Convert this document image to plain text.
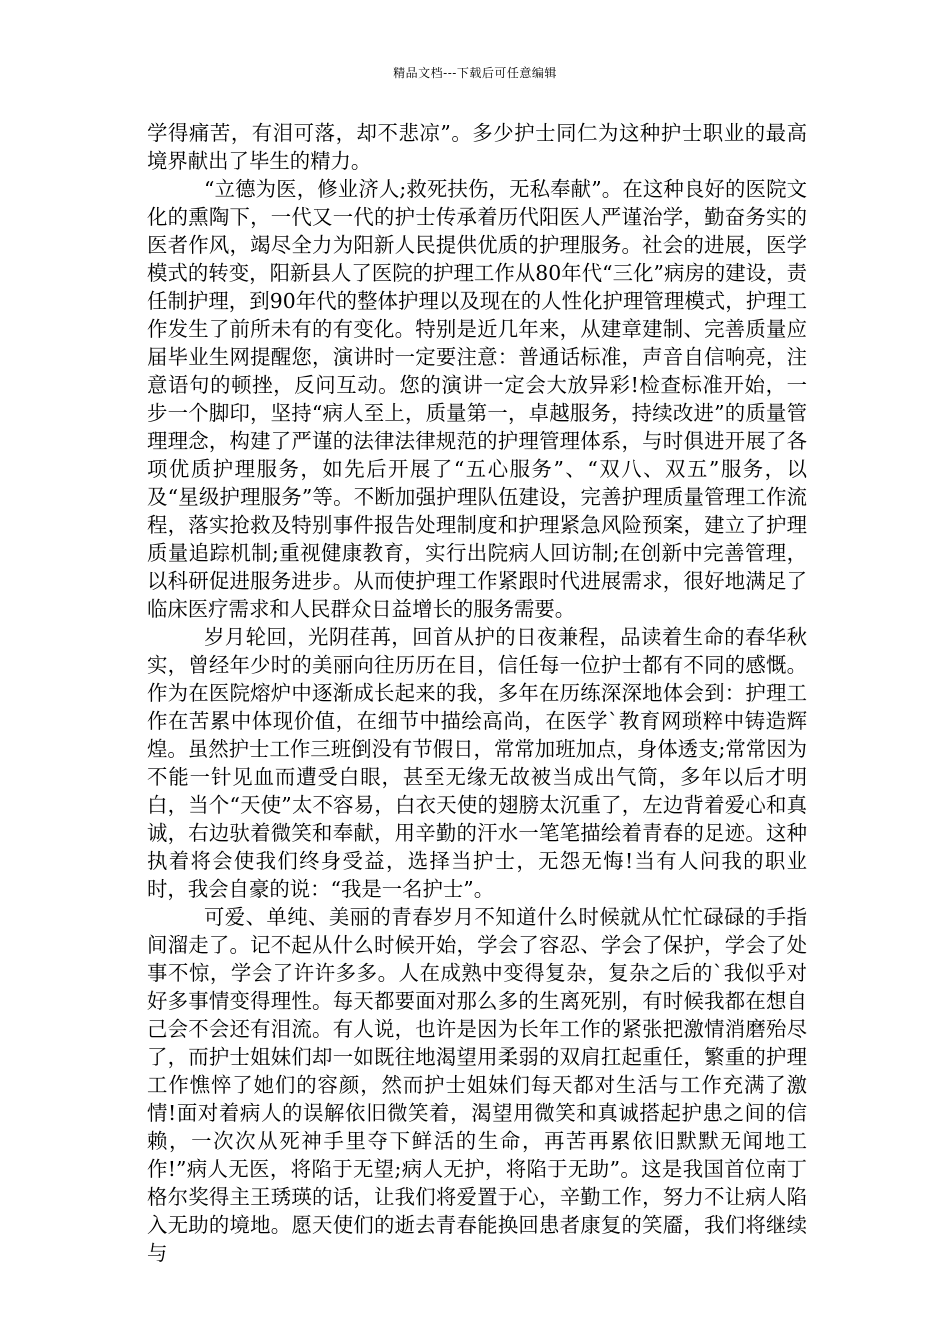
精品文档---下载后可任意编辑

学得痛苦，有泪可落，却不悲凉”。多少护士同仁为这种护士职业的最高境界献出了毕生的精力。

“立德为医，修业济人;救死扶伤，无私奉献”。在这种良好的医院文化的熏陶下，一代又一代的护士传承着历代阳医人严谨治学，勤奋务实的医者作风，竭尽全力为阳新人民提供优质的护理服务。社会的进展，医学模式的转变，阳新县人了医院的护理工作从80年代“三化”病房的建设，责任制护理，到90年代的整体护理以及现在的人性化护理管理模式，护理工作发生了前所未有的有变化。特别是近几年来，从建章建制、完善质量应届毕业生网提醒您，演讲时一定要注意：普通话标准，声音自信响亮，注意语句的顿挫，反问互动。您的演讲一定会大放异彩!检查标准开始，一步一个脚印，坚持“病人至上，质量第一，卓越服务，持续改进”的质量管理理念，构建了严谨的法律法律规范的护理管理体系，与时俱进开展了各项优质护理服务，如先后开展了“五心服务”、“双八、双五”服务，以及“星级护理服务”等。不断加强护理队伍建设，完善护理质量管理工作流程，落实抢救及特别事件报告处理制度和护理紧急风险预案，建立了护理质量追踪机制;重视健康教育，实行出院病人回访制;在创新中完善管理，以科研促进服务进步。从而使护理工作紧跟时代进展需求，很好地满足了临床医疗需求和人民群众日益增长的服务需要。

岁月轮回，光阴荏苒，回首从护的日夜兼程，品读着生命的春华秋实，曾经年少时的美丽向往历历在目，信任每一位护士都有不同的感慨。作为在医院熔炉中逐渐成长起来的我，多年在历练深深地体会到：护理工作在苦累中体现价值，在细节中描绘高尚，在医学`教育网琐粹中铸造辉煌。虽然护士工作三班倒没有节假日，常常加班加点，身体透支;常常因为不能一针见血而遭受白眼，甚至无缘无故被当成出气筒，多年以后才明白，当个“天使”太不容易，白衣天使的翅膀太沉重了，左边背着爱心和真诚，右边驮着微笑和奉献，用辛勤的汗水一笔笔描绘着青春的足迹。这种执着将会使我们终身受益，选择当护士，无怨无悔!当有人问我的职业时，我会自豪的说：“我是一名护士”。

可爱、单纯、美丽的青春岁月不知道什么时候就从忙忙碌碌的手指间溜走了。记不起从什么时候开始，学会了容忍、学会了保护，学会了处事不惊，学会了许许多多。人在成熟中变得复杂，复杂之后的`我似乎对好多事情变得理性。每天都要面对那么多的生离死别，有时候我都在想自己会不会还有泪流。有人说，也许是因为长年工作的紧张把激情消磨殆尽了，而护士姐妹们却一如既往地渴望用柔弱的双肩扛起重任，繁重的护理工作憔悴了她们的容颜，然而护士姐妹们每天都对生活与工作充满了激情!面对着病人的误解依旧微笑着，渴望用微笑和真诚搭起护患之间的信赖，一次次从死神手里夺下鲜活的生命，再苦再累依旧默默无闻地工作!”病人无医，将陷于无望;病人无护，将陷于无助”。这是我国首位南丁格尔奖得主王琇瑛的话，让我们将爱置于心，辛勤工作，努力不让病人陷入无助的境地。愿天使们的逝去青春能换回患者康复的笑靥，我们将继续与
